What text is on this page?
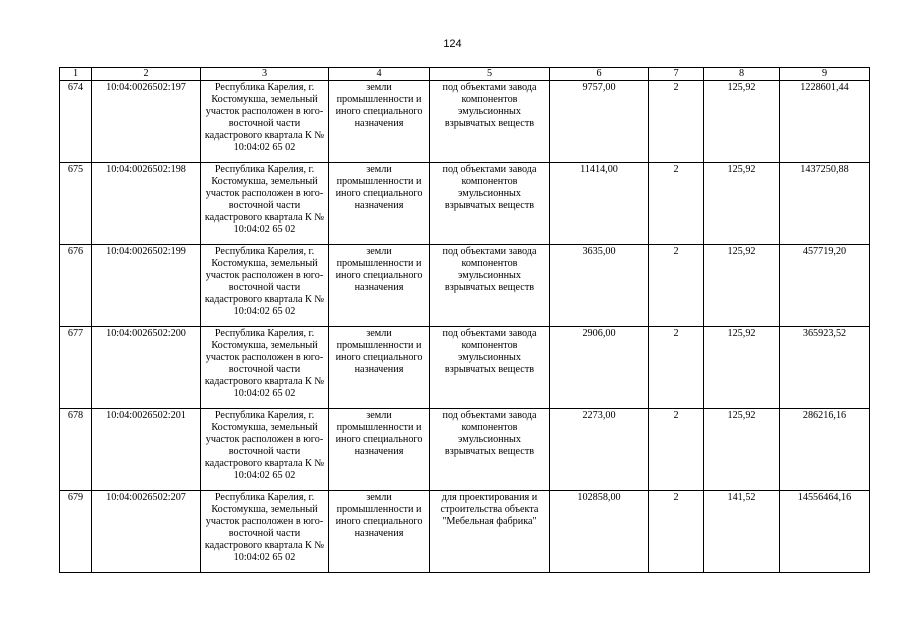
124
1	2	3	4	5	6	7	8	9
674	10:04:0026502:197	Республика Карелия, г. Костомукша, земельный участок расположен в юго-восточной части кадастрового квартала К № 10:04:02 65 02	земли промышленности и иного специального назначения	под объектами завода компонентов эмульсионных взрывчатых веществ	9757,00	2	125,92	1228601,44
675	10:04:0026502:198	Республика Карелия, г. Костомукша, земельный участок расположен в юго-восточной части кадастрового квартала К № 10:04:02 65 02	земли промышленности и иного специального назначения	под объектами завода компонентов эмульсионных взрывчатых веществ	11414,00	2	125,92	1437250,88
676	10:04:0026502:199	Республика Карелия, г. Костомукша, земельный участок расположен в юго-восточной части кадастрового квартала К № 10:04:02 65 02	земли промышленности и иного специального назначения	под объектами завода компонентов эмульсионных взрывчатых веществ	3635,00	2	125,92	457719,20
677	10:04:0026502:200	Республика Карелия, г. Костомукша, земельный участок расположен в юго-восточной части кадастрового квартала К № 10:04:02 65 02	земли промышленности и иного специального назначения	под объектами завода компонентов эмульсионных взрывчатых веществ	2906,00	2	125,92	365923,52
678	10:04:0026502:201	Республика Карелия, г. Костомукша, земельный участок расположен в юго-восточной части кадастрового квартала К № 10:04:02 65 02	земли промышленности и иного специального назначения	под объектами завода компонентов эмульсионных взрывчатых веществ	2273,00	2	125,92	286216,16
679	10:04:0026502:207	Республика Карелия, г. Костомукша, земельный участок расположен в юго-восточной части кадастрового квартала К № 10:04:02 65 02	земли промышленности и иного специального назначения	для проектирования и строительства объекта "Мебельная фабрика"	102858,00	2	141,52	14556464,16
